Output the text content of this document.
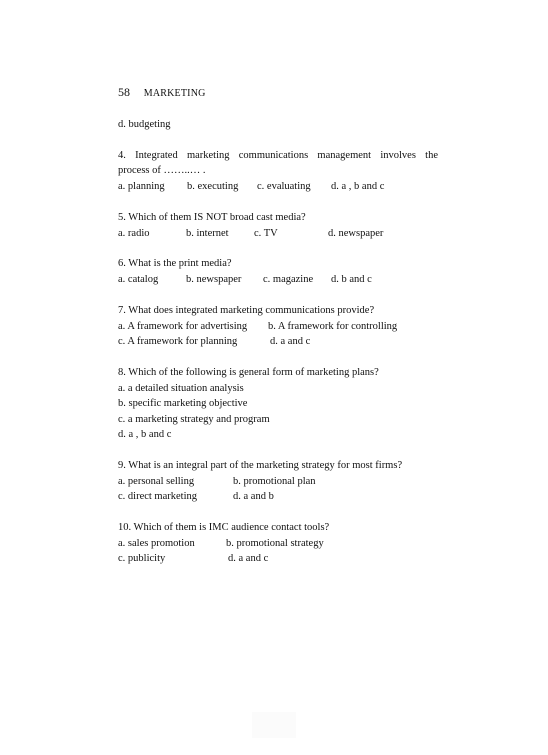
58 MARKETING
d. budgeting
4. Integrated marketing communications management involves the
process of ……..… .
a. planning b. executing c. evaluating d. a , b and c
5. Which of them IS NOT broad cast media?
a. radio	b. internet c. TV	d. newspaper
6. What is the print media?
a. catalog	b. newspaper c. magazine d. b and c
7. What does integrated marketing communications provide?
a. A framework for advertising b. A framework for controlling
c. A framework for planning	d. a and c
8. Which of the following is general form of marketing plans?
a. a detailed situation analysis
b. specific marketing objective
c. a marketing strategy and program
d. a , b and c
9. What is an integral part of the marketing strategy for most firms?
a. personal selling	b. promotional plan
c. direct marketing	d. a and b
10. Which of them is IMC audience contact tools?
a. sales promotion	b. promotional strategy
c. publicity	d. a and c
